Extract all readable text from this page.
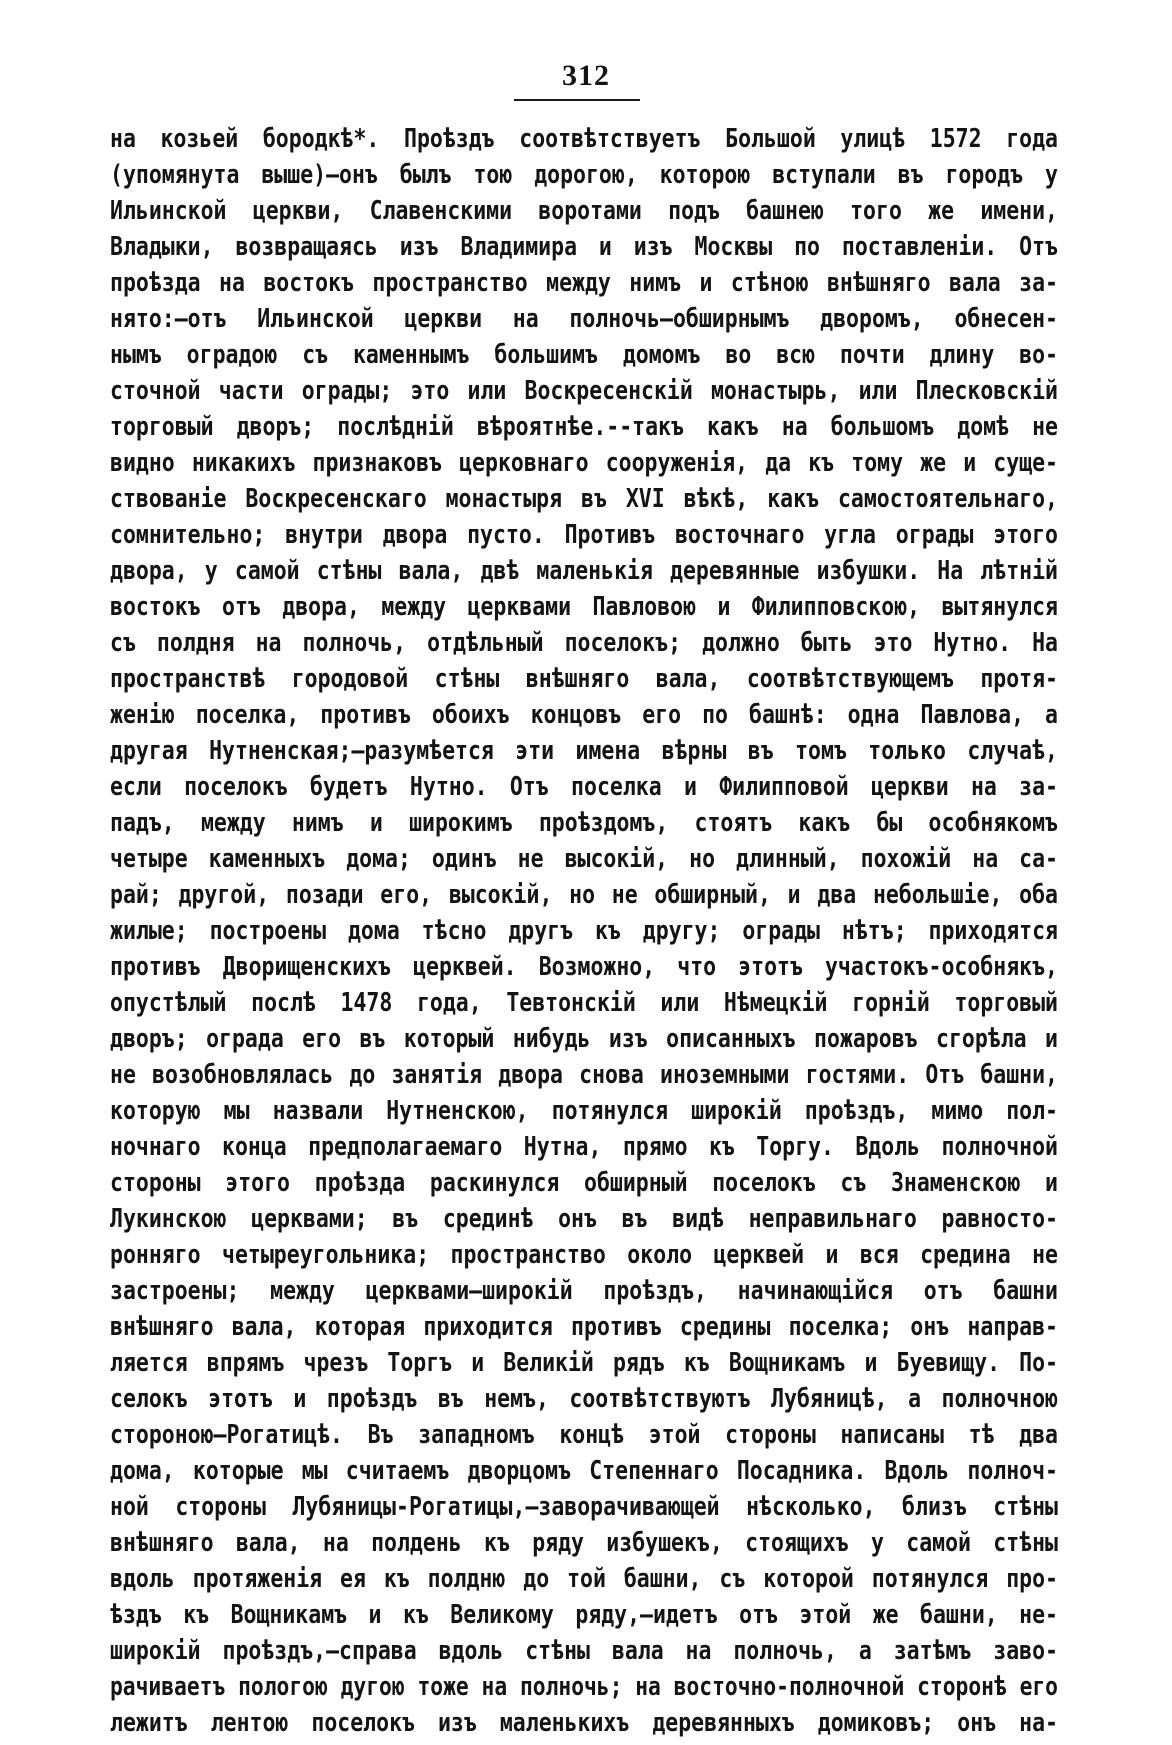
312
на козьей бородкѣ*. Проѣздъ соотвѣтствуетъ Большой улицѣ 1572 года
(упомянута выше)—онъ былъ тою дорогою, которою вступали въ городъ у
Ильинской церкви, Славенскими воротами подъ башнею того же имени,
Владыки, возвращаясь изъ Владимира и изъ Москвы по поставленіи. Отъ
проѣзда на востокъ пространство между нимъ и стѣною внѣшняго вала за-
нято:—отъ Ильинской церкви на полночь—обширнымъ дворомъ, обнесен-
нымъ оградою съ каменнымъ большимъ домомъ во всю почти длину во-
сточной части ограды; это или Воскресенскій монастырь, или Плесковскій
торговый дворъ; послѣдній вѣроятнѣе.--такъ какъ на большомъ домѣ не
видно никакихъ признаковъ церковнаго сооруженія, да къ тому же и суще-
ствованіе Воскресенскаго монастыря въ XVI вѣкѣ, какъ самостоятельнаго,
сомнительно; внутри двора пусто. Противъ восточнаго угла ограды этого
двора, у самой стѣны вала, двѣ маленькія деревянные избушки. На лѣтній
востокъ отъ двора, между церквами Павловою и Филипповскою, вытянулся
съ полдня на полночь, отдѣльный поселокъ; должно быть это Нутно. На
пространствѣ городовой стѣны внѣшняго вала, соотвѣтствующемъ протя-
женію поселка, противъ обоихъ концовъ его по башнѣ: одна Павлова, а
другая Нутненская;—разумѣется эти имена вѣрны въ томъ только случаѣ,
если поселокъ будетъ Нутно. Отъ поселка и Филипповой церкви на за-
падъ, между нимъ и широкимъ проѣздомъ, стоятъ какъ бы особнякомъ
четыре каменныхъ дома; одинъ не высокій, но длинный, похожій на са-
рай; другой, позади его, высокій, но не обширный, и два небольшіе, оба
жилые; построены дома тѣсно другъ къ другу; ограды нѣтъ; приходятся
противъ Дворищенскихъ церквей. Возможно, что этотъ участокъ-особнякъ,
опустѣлый послѣ 1478 года, Тевтонскій или Нѣмецкій горній торговый
дворъ; ограда его въ который нибудь изъ описанныхъ пожаровъ сгорѣла и
не возобновлялась до занятія двора снова иноземными гостями. Отъ башни,
которую мы назвали Нутненскою, потянулся широкій проѣздъ, мимо пол-
ночнаго конца предполагаемаго Нутна, прямо къ Торгу. Вдоль полночной
стороны этого проѣзда раскинулся обширный поселокъ съ Знаменскою и
Лукинскою церквами; въ срединѣ онъ въ видѣ неправильнаго равносто-
ронняго четыреугольника; пространство около церквей и вся средина не
застроены; между церквами—широкій проѣздъ, начинающійся отъ башни
внѣшняго вала, которая приходится противъ средины поселка; онъ направ-
ляется впрямъ чрезъ Торгъ и Великій рядъ къ Вощникамъ и Буевищу. По-
селокъ этотъ и проѣздъ въ немъ, соотвѣтствуютъ Лубяницѣ, а полночною
стороною—Рогатицѣ. Въ западномъ концѣ этой стороны написаны тѣ два
дома, которые мы считаемъ дворцомъ Степеннаго Посадника. Вдоль полноч-
ной стороны Лубяницы-Рогатицы,—заворачивающей нѣсколько, близъ стѣны
внѣшняго вала, на полдень къ ряду избушекъ, стоящихъ у самой стѣны
вдоль протяженія ея къ полдню до той башни, съ которой потянулся про-
ѣздъ къ Вощникамъ и къ Великому ряду,—идетъ отъ этой же башни, не-
широкій проѣздъ,—справа вдоль стѣны вала на полночь, а затѣмъ заво-
рачиваетъ пологою дугою тоже на полночь; на восточно-полночной сторонѣ его
лежитъ лентою поселокъ изъ маленькихъ деревянныхъ домиковъ; онъ на-
